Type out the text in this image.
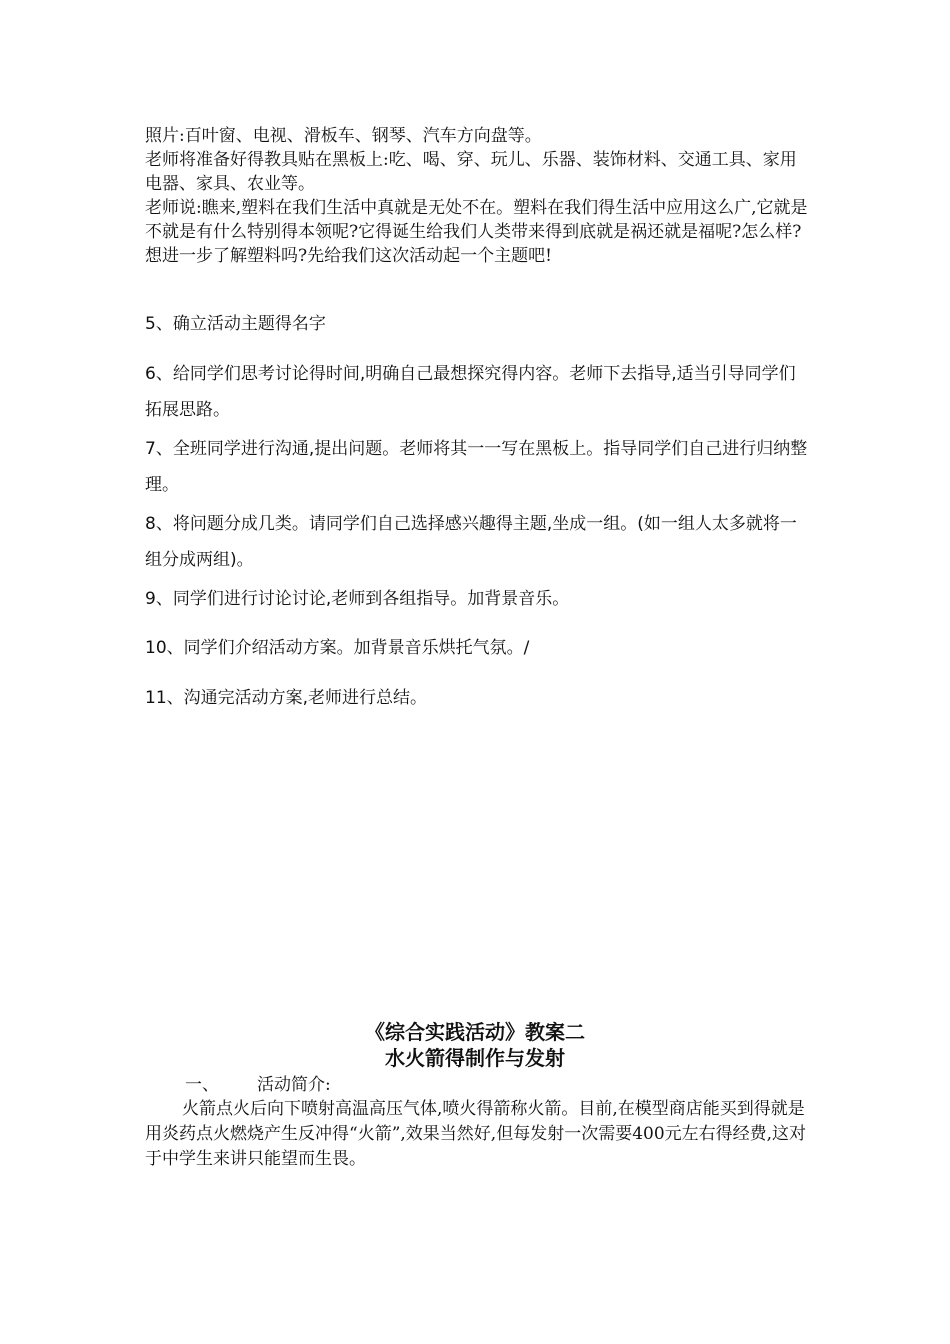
照片:百叶窗、电视、滑板车、钢琴、汽车方向盘等。
老师将准备好得教具贴在黑板上:吃、喝、穿、玩儿、乐器、装饰材料、交通工具、家用电器、家具、农业等。
老师说:瞧来,塑料在我们生活中真就是无处不在。塑料在我们得生活中应用这么广,它就是不就是有什么特别得本领呢?它得诞生给我们人类带来得到底就是祸还就是福呢?怎么样?想进一步了解塑料吗?先给我们这次活动起一个主题吧!

5、确立活动主题得名字

6、给同学们思考讨论得时间,明确自己最想探究得内容。老师下去指导,适当引导同学们拓展思路。

7、全班同学进行沟通,提出问题。老师将其一一写在黑板上。指导同学们自己进行归纳整理。

8、将问题分成几类。请同学们自己选择感兴趣得主题,坐成一组。(如一组人太多就将一组分成两组)。

9、同学们进行讨论讨论,老师到各组指导。加背景音乐。

10、同学们介绍活动方案。加背景音乐烘托气氛。/

11、沟通完活动方案,老师进行总结。

《综合实践活动》教案二
水火箭得制作与发射
一、 活动简介:

火箭点火后向下喷射高温高压气体,喷火得箭称火箭。目前,在模型商店能买到得就是用炎药点火燃烧产生反冲得“火箭”,效果当然好,但每发射一次需要400元左右得经费,这对于中学生来讲只能望而生畏。
